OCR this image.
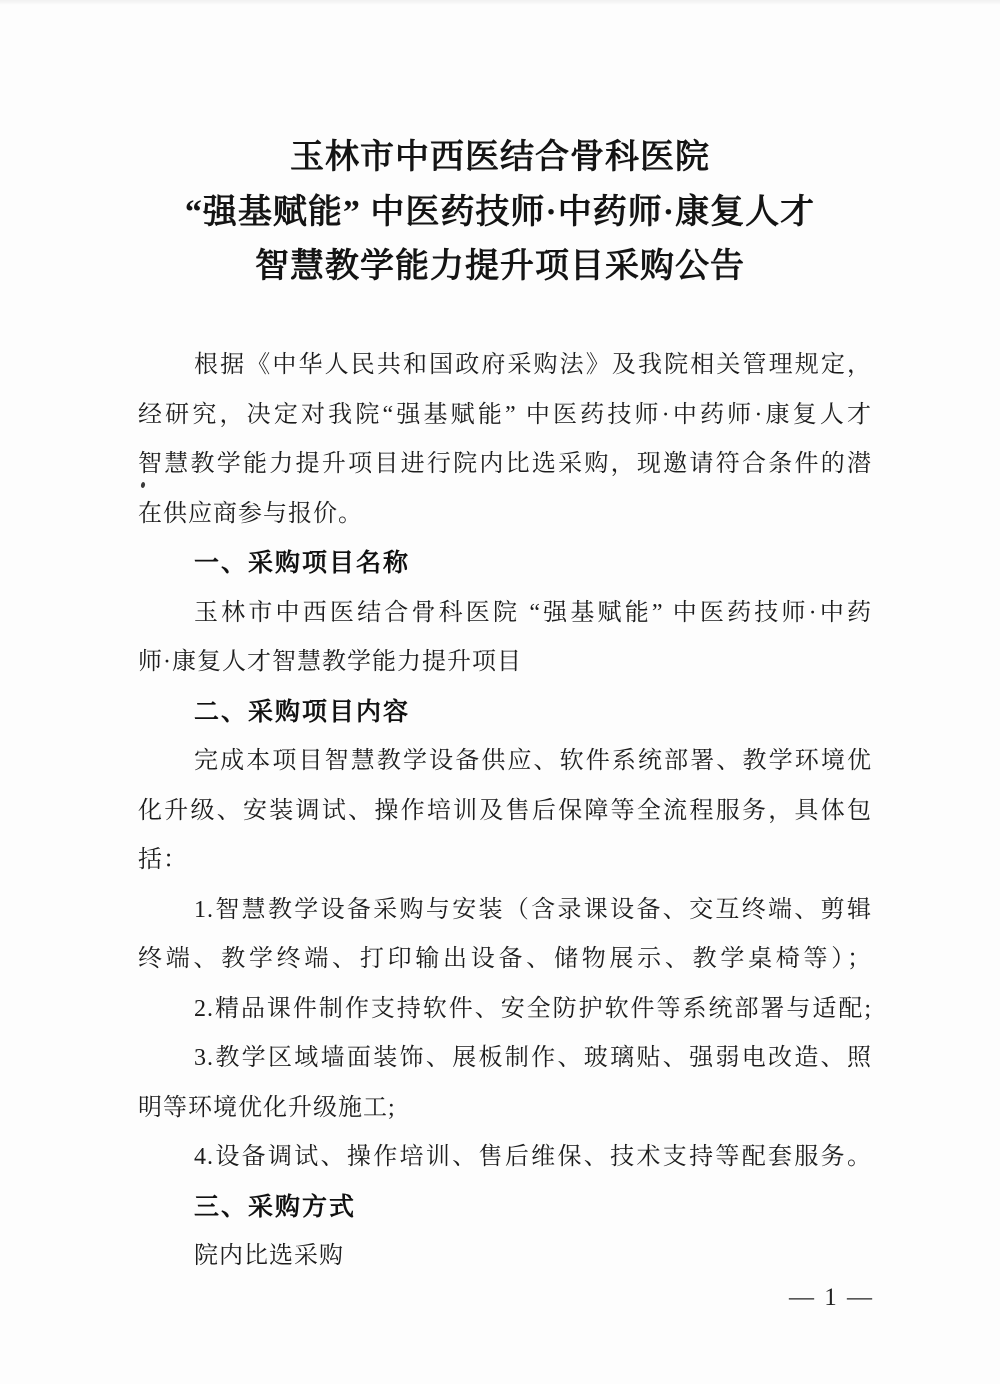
玉林市中西医结合骨科医院
“强基赋能” 中医药技师·中药师·康复人才
智慧教学能力提升项目采购公告
根据《中华人民共和国政府采购法》及我院相关管理规定，
经研究，决定对我院“强基赋能” 中医药技师·中药师·康复人才
智慧教学能力提升项目进行院内比选采购，现邀请符合条件的潜
在供应商参与报价。
一、采购项目名称
玉林市中西医结合骨科医院 “强基赋能” 中医药技师·中药
师·康复人才智慧教学能力提升项目
二、采购项目内容
完成本项目智慧教学设备供应、软件系统部署、教学环境优
化升级、安装调试、操作培训及售后保障等全流程服务，具体包
括：
1.智慧教学设备采购与安装（含录课设备、交互终端、剪辑
终端、教学终端、打印输出设备、储物展示、教学桌椅等）；
2.精品课件制作支持软件、安全防护软件等系统部署与适配;
3.教学区域墙面装饰、展板制作、玻璃贴、强弱电改造、照
明等环境优化升级施工;
4.设备调试、操作培训、售后维保、技术支持等配套服务。
三、采购方式
院内比选采购
— 1 —
